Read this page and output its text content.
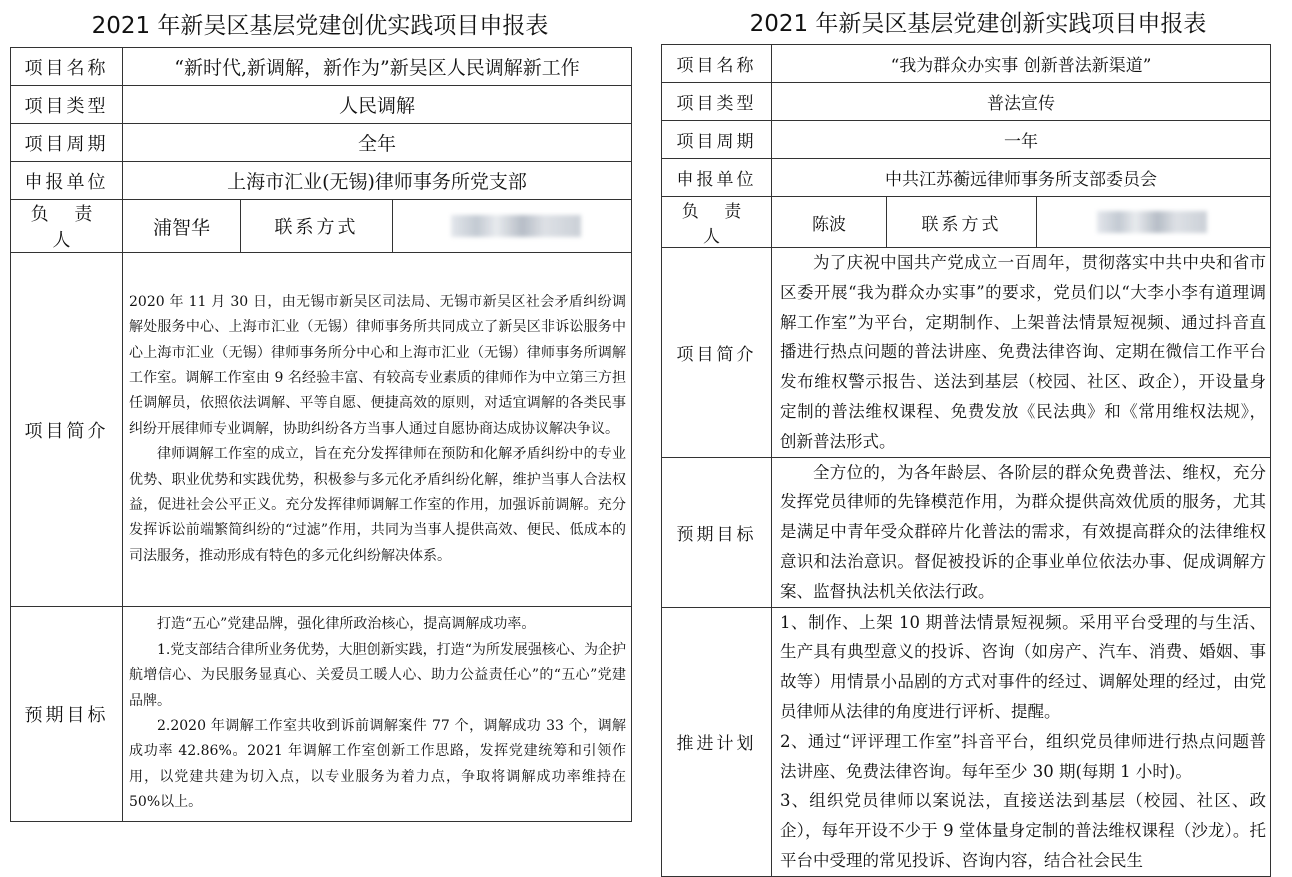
2021 年新吴区基层党建创优实践项目申报表
项目名称	“新时代,新调解，新作为”新吴区人民调解新工作		
项目类型	人民调解		
项目周期	全年		
申报单位	上海市汇业(无锡)律师事务所党支部		
负 责 人	浦智华	联系方式	
项目简介	2020 年 11 月 30 日，由无锡市新吴区司法局、无锡市新吴区社会矛盾纠纷调解处服务中心、上海市汇业（无锡）律师事务所共同成立了新吴区非诉讼服务中心上海市汇业（无锡）律师事务所分中心和上海市汇业（无锡）律师事务所调解工作室。调解工作室由 9 名经验丰富、有较高专业素质的律师作为中立第三方担任调解员，依照依法调解、平等自愿、便捷高效的原则，对适宜调解的各类民事纠纷开展律师专业调解，协助纠纷各方当事人通过自愿协商达成协议解决争议。

律师调解工作室的成立，旨在充分发挥律师在预防和化解矛盾纠纷中的专业优势、职业优势和实践优势，积极参与多元化矛盾纠纷化解，维护当事人合法权益，促进社会公平正义。充分发挥律师调解工作室的作用，加强诉前调解。充分发挥诉讼前端繁简纠纷的“过滤”作用，共同为当事人提供高效、便民、低成本的司法服务，推动形成有特色的多元化纠纷解决体系。		

预期目标	打造“五心”党建品牌，强化律所政治核心，提高调解成功率。

1.党支部结合律所业务优势，大胆创新实践，打造“为所发展强核心、为企护航增信心、为民服务显真心、关爱员工暖人心、助力公益责任心”的“五心”党建品牌。

2.2020 年调解工作室共收到诉前调解案件 77 个，调解成功 33 个，调解成功率 42.86%。2021 年调解工作室创新工作思路，发挥党建统筹和引领作用，以党建共建为切入点，以专业服务为着力点，争取将调解成功率维持在 50%以上。		

2021 年新吴区基层党建创新实践项目申报表
项目名称	“我为群众办实事 创新普法新渠道”		
项目类型	普法宣传		
项目周期	一年		
申报单位	中共江苏蘅远律师事务所支部委员会		
负 责 人	陈波	联系方式	
项目简介	为了庆祝中国共产党成立一百周年，贯彻落实中共中央和省市区委开展“我为群众办实事”的要求，党员们以“大李小李有道理调解工作室”为平台，定期制作、上架普法情景短视频、通过抖音直播进行热点问题的普法讲座、免费法律咨询、定期在微信工作平台发布维权警示报告、送法到基层（校园、社区、政企），开设量身定制的普法维权课程、免费发放《民法典》和《常用维权法规》，创新普法形式。		

预期目标	全方位的，为各年龄层、各阶层的群众免费普法、维权，充分发挥党员律师的先锋模范作用，为群众提供高效优质的服务，尤其是满足中青年受众群碎片化普法的需求，有效提高群众的法律维权意识和法治意识。督促被投诉的企事业单位依法办事、促成调解方案、监督执法机关依法行政。		

推进计划	1、制作、上架 10 期普法情景短视频。采用平台受理的与生活、生产具有典型意义的投诉、咨询（如房产、汽车、消费、婚姻、事故等）用情景小品剧的方式对事件的经过、调解处理的经过，由党员律师从法律的角度进行评析、提醒。

2、通过“评评理工作室”抖音平台，组织党员律师进行热点问题普法讲座、免费法律咨询。每年至少 30 期(每期 1 小时)。

3、组织党员律师以案说法，直接送法到基层（校园、社区、政企），每年开设不少于 9 堂体量身定制的普法维权课程（沙龙）。托平台中受理的常见投诉、咨询内容，结合社会民生		
